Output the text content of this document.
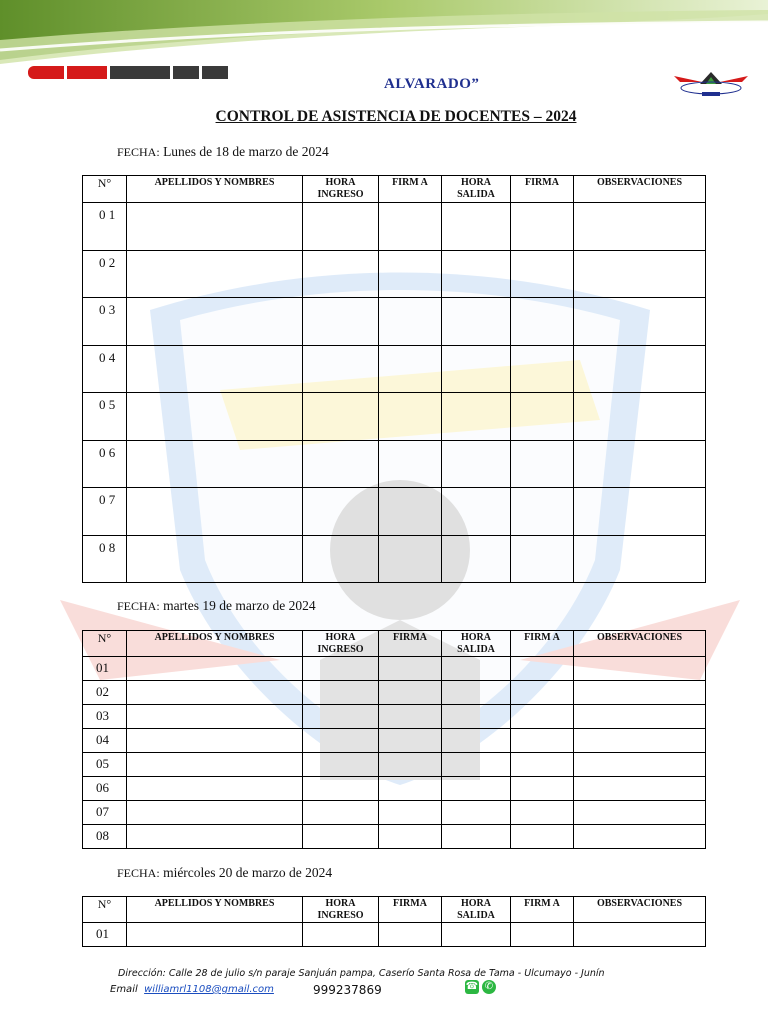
ALVARADO”
CONTROL DE ASISTENCIA DE DOCENTES – 2024
FECHA: Lunes de 18 de marzo de 2024
N°	APELLIDOS Y NOMBRES	HORA INGRESO	FIRM A	HORA SALIDA	FIRMA	OBSERVACIONES
0 1						
0 2						
0 3						
0 4						
0 5						
0 6						
0 7						
0 8						
FECHA: martes 19 de marzo de 2024
N°	APELLIDOS Y NOMBRES	HORA INGRESO	FIRMA	HORA SALIDA	FIRM A	OBSERVACIONES
01						
02						
03						
04						
05						
06						
07						
08						
FECHA: miércoles 20 de marzo de 2024
N°	APELLIDOS Y NOMBRES	HORA INGRESO	FIRMA	HORA SALIDA	FIRM A	OBSERVACIONES
01						
Dirección: Calle 28 de julio s/n paraje Sanjuán pampa, Caserío Santa Rosa de Tama - Ulcumayo - Junín
Email williamrl1108@gmail.com	999237869	☎ ✆
